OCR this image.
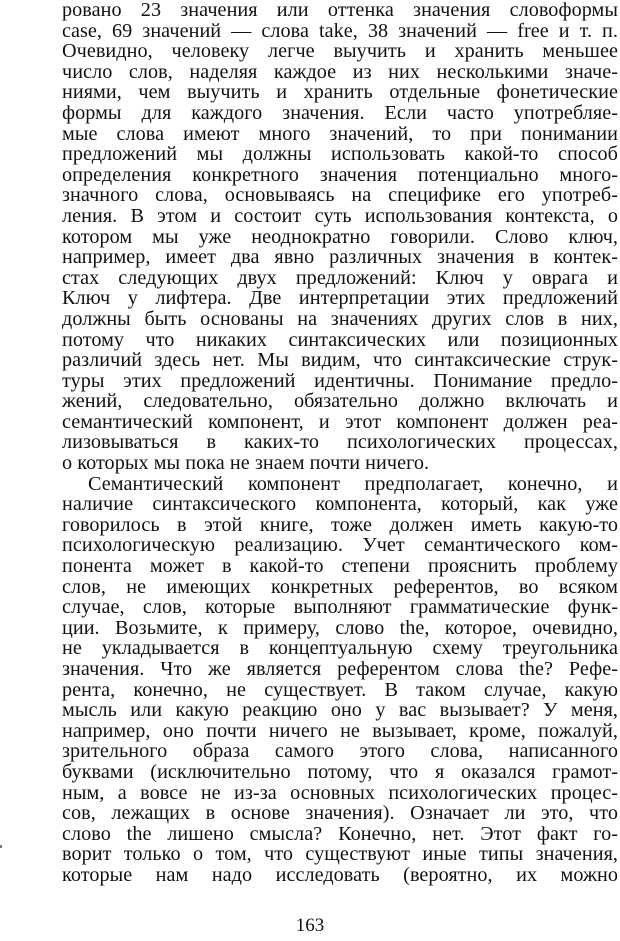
ровано 23 значения или оттенка значения словоформы
case, 69 значений — слова take, 38 значений — free и т. п.
Очевидно, человеку легче выучить и хранить меньшее
число слов, наделяя каждое из них несколькими значе-
ниями, чем выучить и хранить отдельные фонетические
формы для каждого значения. Если часто употребляе-
мые слова имеют много значений, то при понимании
предложений мы должны использовать какой-то способ
определения конкретного значения потенциально много-
значного слова, основываясь на специфике его употреб-
ления. В этом и состоит суть использования контекста, о
котором мы уже неоднократно говорили. Слово ключ,
например, имеет два явно различных значения в контек-
стах следующих двух предложений: Ключ у оврага и
Ключ у лифтера. Две интерпретации этих предложений
должны быть основаны на значениях других слов в них,
потому что никаких синтаксических или позиционных
различий здесь нет. Мы видим, что синтаксические струк-
туры этих предложений идентичны. Понимание предло-
жений, следовательно, обязательно должно включать и
семантический компонент, и этот компонент должен реа-
лизовываться в каких-то психологических процессах,
о которых мы пока не знаем почти ничего.
Семантический компонент предполагает, конечно, и
наличие синтаксического компонента, который, как уже
говорилось в этой книге, тоже должен иметь какую-то
психологическую реализацию. Учет семантического ком-
понента может в какой-то степени прояснить проблему
слов, не имеющих конкретных референтов, во всяком
случае, слов, которые выполняют грамматические функ-
ции. Возьмите, к примеру, слово the, которое, очевидно,
не укладывается в концептуальную схему треугольника
значения. Что же является референтом слова the? Рефе-
рента, конечно, не существует. В таком случае, какую
мысль или какую реакцию оно у вас вызывает? У меня,
например, оно почти ничего не вызывает, кроме, пожалуй,
зрительного образа самого этого слова, написанного
буквами (исключительно потому, что я оказался грамот-
ным, а вовсе не из-за основных психологических процес-
сов, лежащих в основе значения). Означает ли это, что
слово the лишено смысла? Конечно, нет. Этот факт го-
ворит только о том, что существуют иные типы значения,
которые нам надо исследовать (вероятно, их можно
163
